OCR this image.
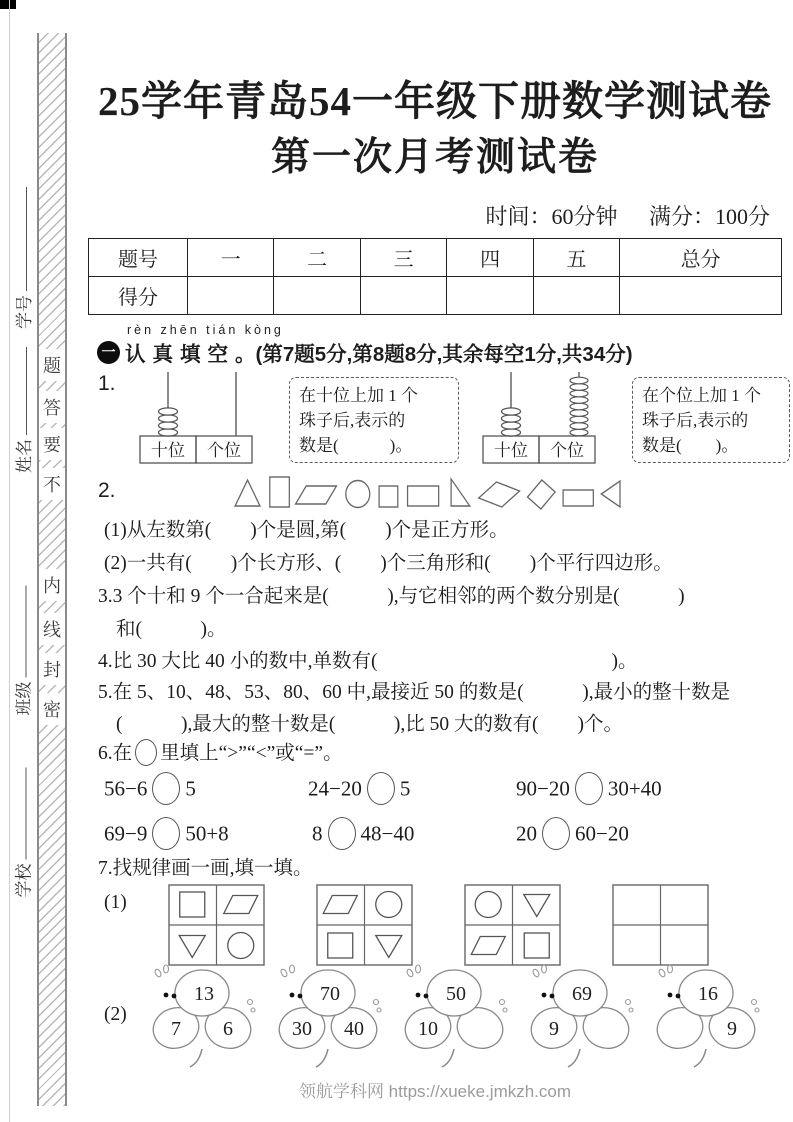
题
答
要
不
内
线
封
密
学号
姓名
班级
学校
25学年青岛54一年级下册数学测试卷
第一次月考测试卷
时间：60分钟 满分：100分
题号	一	二	三	四	五	总分
得分						
rèn zhēn tián kòng
一 认真填空 。(第7题5分,第8题8分,其余每空1分,共34分)
1.
十位 个位
在十位上加 1 个
珠子后,表示的
数是(　　　)。	十位 个位
在个位上加 1 个
珠子后,表示的
数是(　　)。
2.
(1)从左数第(　　)个是圆,第(　　)个是正方形。
(2)一共有(　　)个长方形、(　　)个三角形和(　　)个平行四边形。
3.3 个十和 9 个一合起来是(　　　),与它相邻的两个数分别是(　　　)
和(　　　)。
4.比 30 大比 40 小的数中,单数有(　　　　　　　　　　　　)。
5.在 5、10、48、53、80、60 中,最接近 50 的数是(　　　),最小的整十数是
(　　　),最大的整十数是(　　　),比 50 大的数有(　　)个。
6.在 里填上“>”“<”或“=”。
56−6 5	24−20 5	90−20 30+40
69−9 50+8	8 48−40	20 60−20
7.找规律画一画,填一填。
(1)
(2)
13
7 6
70
30 40
50
10
69
9
16
9
领航学科网 https://xueke.jmkzh.com
